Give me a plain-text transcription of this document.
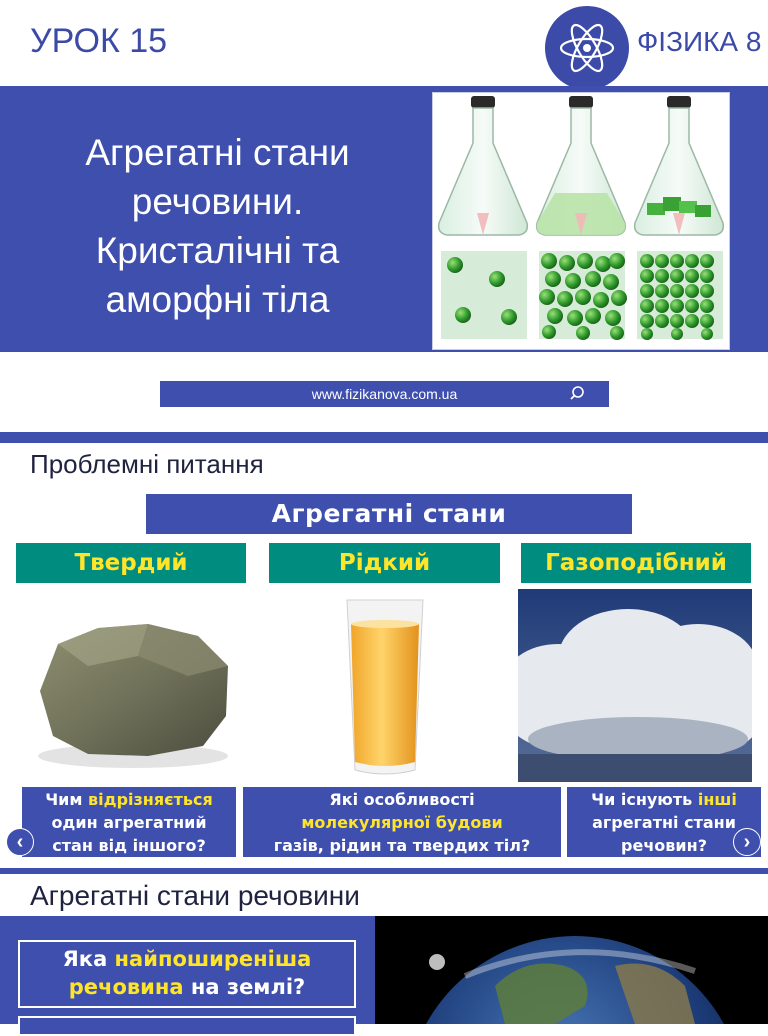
УРОК 15	ФІЗИКА 8
Агрегатні стани
речовини.
Кристалічні та
аморфні тіла
www.fizikanova.com.ua
Проблемні питання
Агрегатні стани
Твердий	Рідкий	Газоподібний
Чим відрізняється
один агрегатний
стан від іншого?
Які особливості
молекулярної будови
газів, рідин та твердих тіл?
Чи існують інші
агрегатні стани
речовин?
‹	›
Агрегатні стани речовини
Яка найпоширеніша
речовина на землі?
